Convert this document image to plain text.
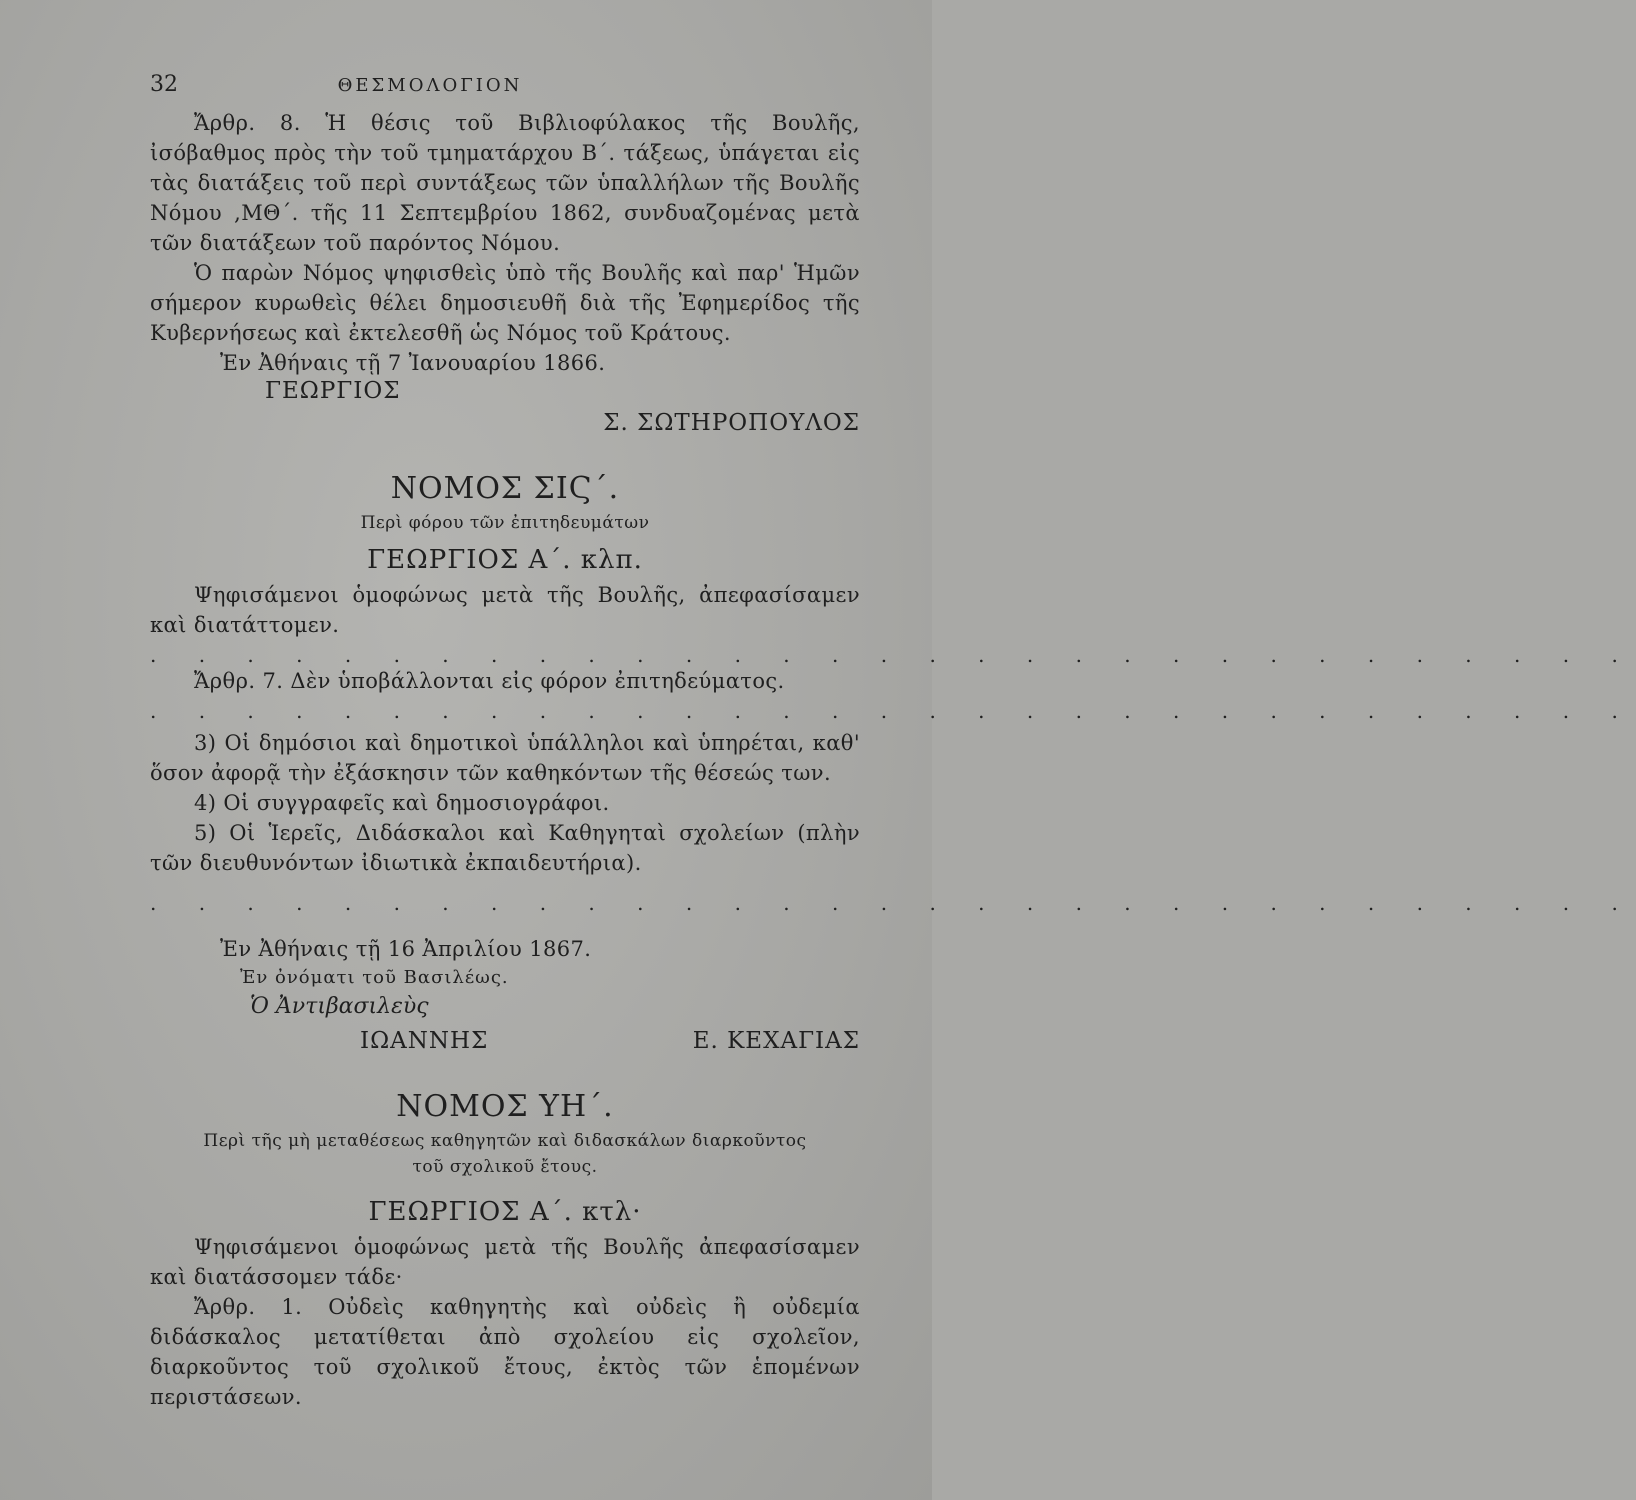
32	ΘΕΣΜΟΛΟΓΙΟΝ

Ἄρθρ. 8. Ἡ θέσις τοῦ Βιβλιοφύλακος τῆς Βουλῆς, ἰσόβαθμος πρὸς τὴν τοῦ τμηματάρχου Β΄. τάξεως, ὑπάγεται εἰς τὰς διατάξεις τοῦ περὶ συντάξεως τῶν ὑπαλλήλων τῆς Βουλῆς Νόμου ,ΜΘ΄. τῆς 11 Σεπτεμβρίου 1862, συνδυαζομένας μετὰ τῶν διατάξεων τοῦ παρόντος Νόμου.

Ὁ παρὼν Νόμος ψηφισθεὶς ὑπὸ τῆς Βουλῆς καὶ παρ' Ἡμῶν σήμερον κυρωθεὶς θέλει δημοσιευθῆ διὰ τῆς Ἐφημερίδος τῆς Κυβερνήσεως καὶ ἐκτελεσθῆ ὡς Νόμος τοῦ Κράτους.

Ἐν Ἀθήναις τῇ 7 Ἰανουαρίου 1866.

ΓΕΩΡΓΙΟΣ
Σ. ΣΩΤΗΡΟΠΟΥΛΟΣ
ΝΟΜΟΣ ΣΙϚ΄.
Περὶ φόρου τῶν ἐπιτηδευμάτων
ΓΕΩΡΓΙΟΣ Α΄. κλπ.

Ψηφισάμενοι ὁμοφώνως μετὰ τῆς Βουλῆς, ἀπεφασίσαμεν καὶ διατάττομεν.

. . . . . . . . . . . . . . . . . . . . . . . . . . . . . . .

Ἄρθρ. 7. Δὲν ὑποβάλλονται εἰς φόρον ἐπιτηδεύματος.

. . . . . . . . . . . . . . . . . . . . . . . . . . . . . . .

3) Οἱ δημόσιοι καὶ δημοτικοὶ ὑπάλληλοι καὶ ὑπηρέται, καθ' ὅσον ἀφορᾷ τὴν ἐξάσκησιν τῶν καθηκόντων τῆς θέσεώς των.

4) Οἱ συγγραφεῖς καὶ δημοσιογράφοι.

5) Οἱ Ἱερεῖς, Διδάσκαλοι καὶ Καθηγηταὶ σχολείων (πλὴν τῶν διευθυνόντων ἰδιωτικὰ ἐκπαιδευτήρια).

. . . . . . . . . . . . . . . . . . . . . . . . . . . . . . .

Ἐν Ἀθήναις τῇ 16 Ἀπριλίου 1867.

Ἐν ὀνόματι τοῦ Βασιλέως.
Ὁ Ἀντιβασιλεὺς
ΙΩΑΝΝΗΣ	Ε. ΚΕΧΑΓΙΑΣ
ΝΟΜΟΣ ΥΗ΄.
Περὶ τῆς μὴ μεταθέσεως καθηγητῶν καὶ διδασκάλων διαρκοῦντος τοῦ σχολικοῦ ἔτους.
ΓΕΩΡΓΙΟΣ Α΄. κτλ·

Ψηφισάμενοι ὁμοφώνως μετὰ τῆς Βουλῆς ἀπεφασίσαμεν καὶ διατάσσομεν τάδε·

Ἄρθρ. 1. Οὐδεὶς καθηγητὴς καὶ οὐδεὶς ἢ οὐδεμία διδάσκαλος μετατίθεται ἀπὸ σχολείου εἰς σχολεῖον, διαρκοῦντος τοῦ σχολικοῦ ἔτους, ἐκτὸς τῶν ἑπομένων περιστάσεων.
